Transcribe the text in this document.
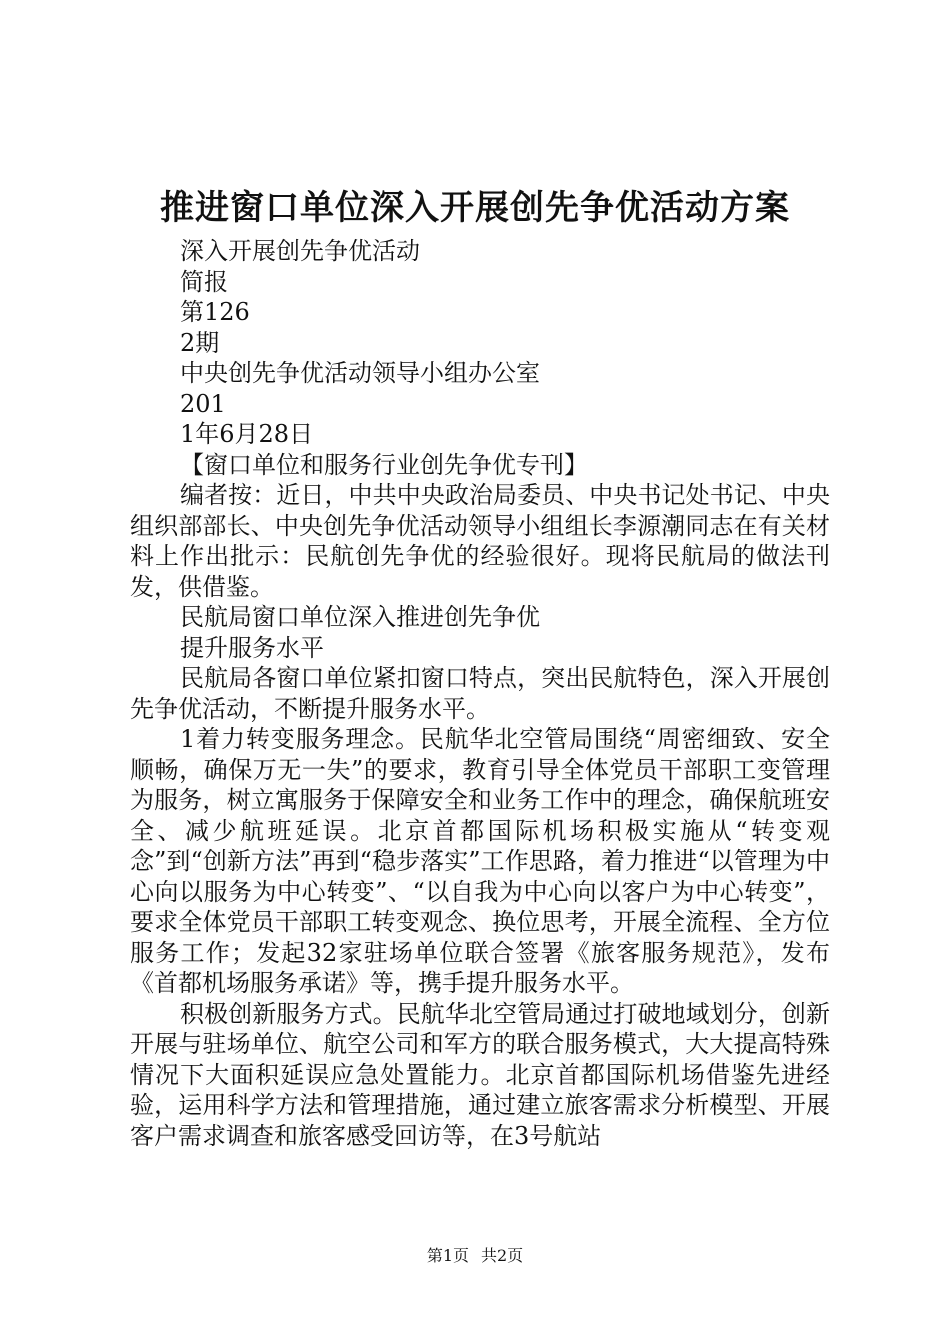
推进窗口单位深入开展创先争优活动方案
深入开展创先争优活动
简报
第126
2期
中央创先争优活动领导小组办公室
201
1年6月28日
【窗口单位和服务行业创先争优专刊】

编者按：近日，中共中央政治局委员、中央书记处书记、中央组织部部长、中央创先争优活动领导小组组长李源潮同志在有关材料上作出批示：民航创先争优的经验很好。现将民航局的做法刊发，供借鉴。

民航局窗口单位深入推进创先争优
提升服务水平

民航局各窗口单位紧扣窗口特点，突出民航特色，深入开展创先争优活动，不断提升服务水平。

1着力转变服务理念。民航华北空管局围绕“周密细致、安全顺畅，确保万无一失”的要求，教育引导全体党员干部职工变管理为服务，树立寓服务于保障安全和业务工作中的理念，确保航班安全、减少航班延误。北京首都国际机场积极实施从“转变观念”到“创新方法”再到“稳步落实”工作思路，着力推进“以管理为中心向以服务为中心转变”、“以自我为中心向以客户为中心转变”，要求全体党员干部职工转变观念、换位思考，开展全流程、全方位服务工作；发起32家驻场单位联合签署《旅客服务规范》，发布《首都机场服务承诺》等，携手提升服务水平。

积极创新服务方式。民航华北空管局通过打破地域划分，创新开展与驻场单位、航空公司和军方的联合服务模式，大大提高特殊情况下大面积延误应急处置能力。北京首都国际机场借鉴先进经验，运用科学方法和管理措施，通过建立旅客需求分析模型、开展客户需求调查和旅客感受回访等，在3号航站

第1页 共2页
